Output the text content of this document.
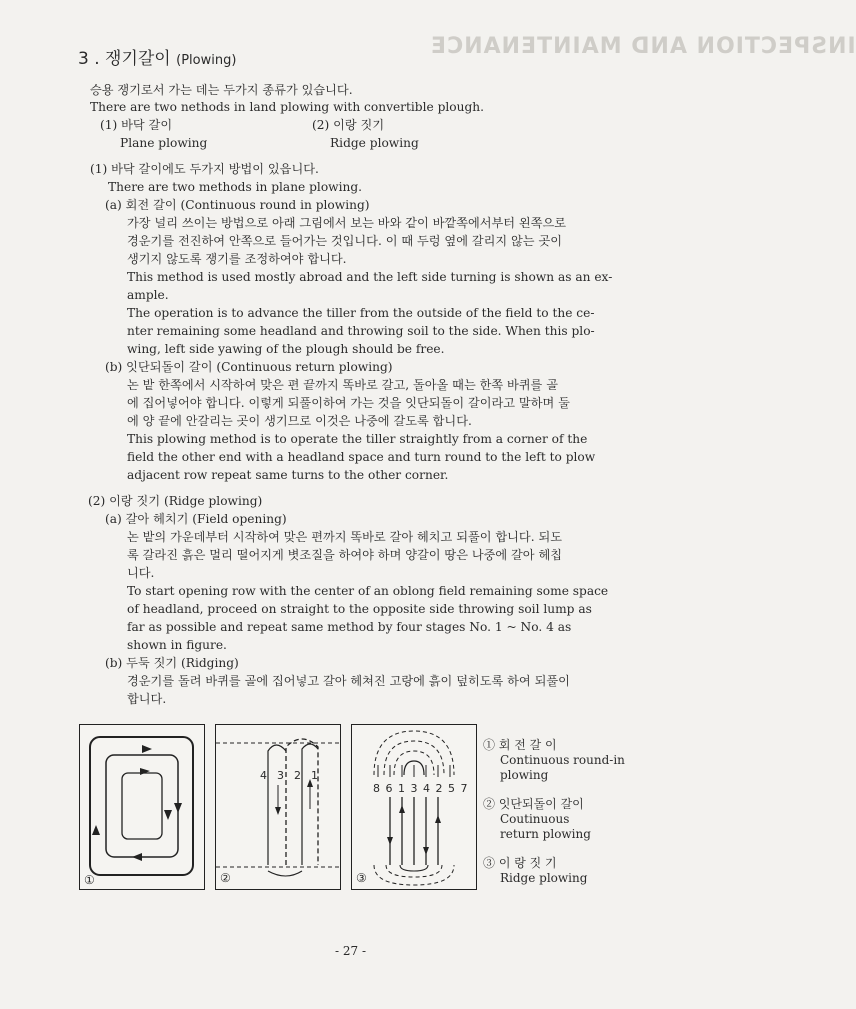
INSPECTION AND MAINTENANCE
3 . 쟁기갈이 (Plowing)
승용 쟁기로서 가는 데는 두가지 종류가 있습니다.
There are two nethods in land plowing with convertible plough.
(1) 바닥 갈이	(2) 이랑 짓기
Plane plowing	Ridge plowing
(1) 바닥 갈이에도 두가지 방법이 있읍니다.
There are two methods in plane plowing.
(a) 회전 갈이 (Continuous round in plowing)
가장 널리 쓰이는 방법으로 아래 그림에서 보는 바와 같이 바깥쪽에서부터 왼쪽으로
경운기를 전진하여 안쪽으로 들어가는 것입니다. 이 때 두렁 옆에 갈리지 않는 곳이
생기지 않도록 쟁기를 조정하여야 합니다.
This method is used mostly abroad and the left side turning is shown as an ex-
ample.
The operation is to advance the tiller from the outside of the field to the ce-
nter remaining some headland and throwing soil to the side. When this plo-
wing, left side yawing of the plough should be free.
(b) 잇단되돌이 갈이 (Continuous return plowing)
논 밭 한쪽에서 시작하여 맞은 편 끝까지 똑바로 갈고, 돌아올 때는 한쪽 바퀴를 골
에 집어넣어야 합니다. 이렇게 되풀이하여 가는 것을 잇단되돌이 갈이라고 말하며 둘
에 양 끝에 안갈리는 곳이 생기므로 이것은 나중에 갈도록 합니다.
This plowing method is to operate the tiller straightly from a corner of the
field the other end with a headland space and turn round to the left to plow
adjacent row repeat same turns to the other corner.
(2) 이랑 짓기 (Ridge plowing)
(a) 갈아 헤치기 (Field opening)
논 밭의 가운데부터 시작하여 맞은 편까지 똑바로 갈아 헤치고 되풀이 합니다. 되도
록 갈라진 흙은 멀리 떨어지게 볏조질을 하여야 하며 양갈이 땅은 나중에 갈아 헤칩
니다.
To start opening row with the center of an oblong field remaining some space
of headland, proceed on straight to the opposite side throwing soil lump as
far as possible and repeat same method by four stages No. 1 ~ No. 4 as
shown in figure.
(b) 두둑 짓기 (Ridging)
경운기를 돌려 바퀴를 골에 집어넣고 갈아 헤쳐진 고랑에 흙이 덮히도록 하여 되풀이
합니다.
①
4 3 2 1
②
8 6 1 3 4 2 5 7
③
① 회 전 갈 이
Continuous round-in
plowing
② 잇단되돌이 갈이
Coutinuous
return plowing
③ 이 랑 짓 기
Ridge plowing
- 27 -
